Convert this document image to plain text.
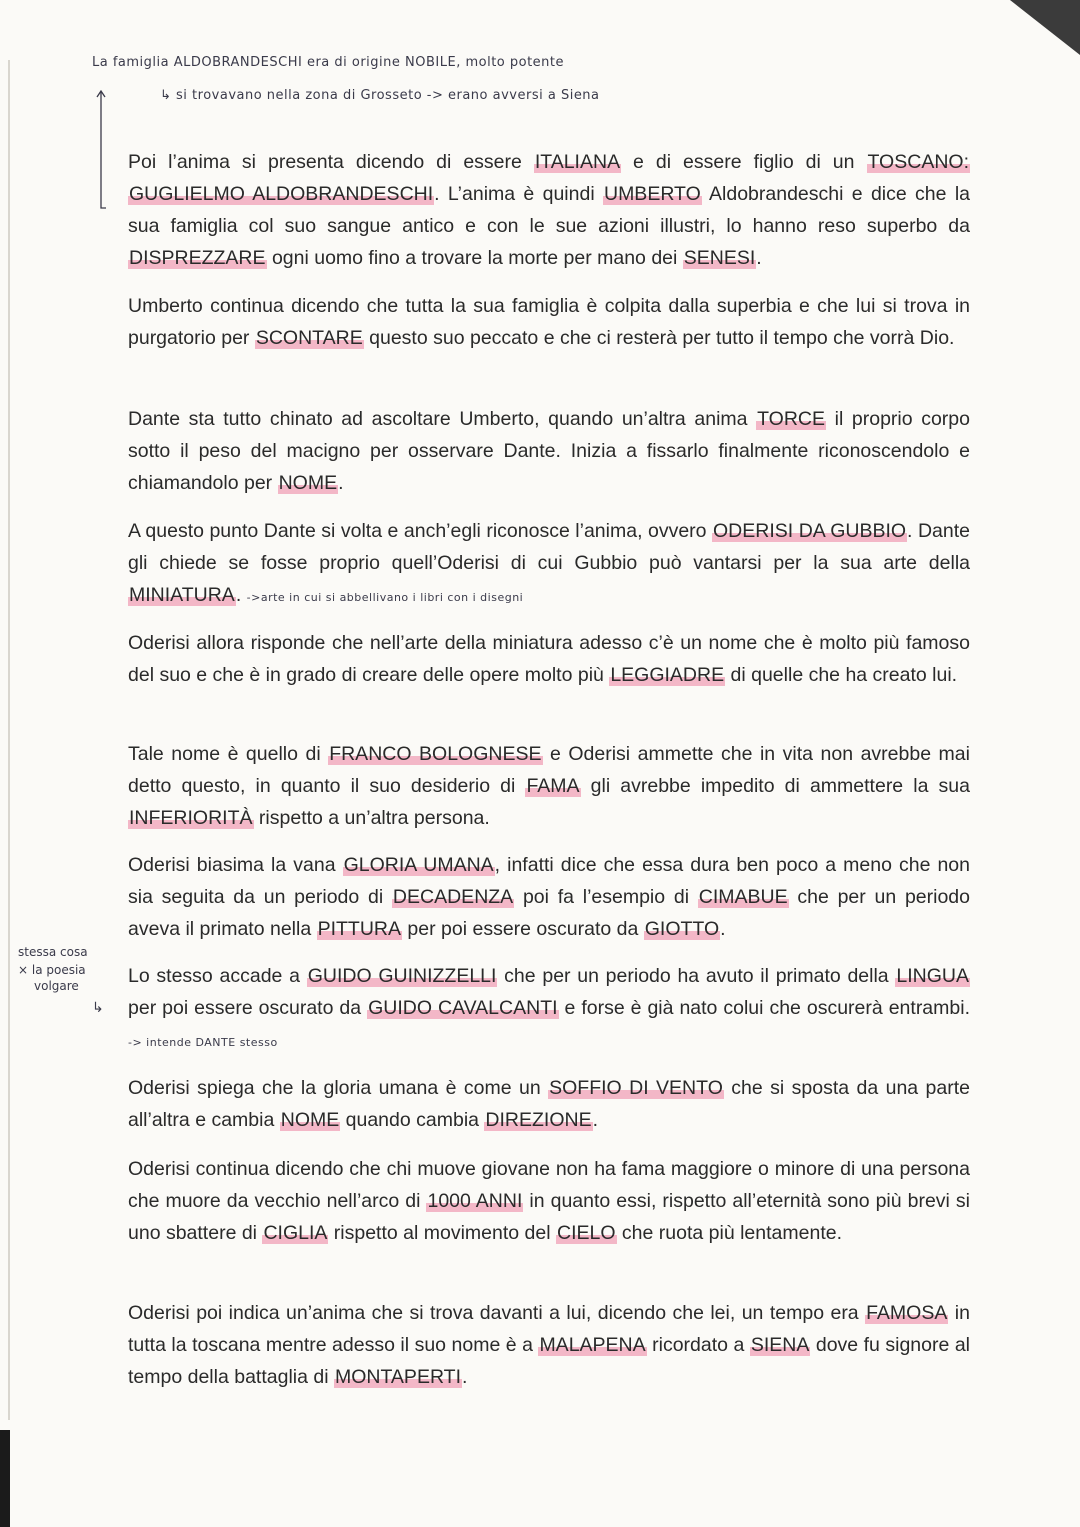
La famiglia ALDOBRANDESCHI era di origine NOBILE, molto potente
↳ si trovavano nella zona di Grosseto -> erano avversi a Siena

Poi l’anima si presenta dicendo di essere ITALIANA e di essere figlio di un TOSCANO: GUGLIELMO ALDOBRANDESCHI. L’anima è quindi UMBERTO Aldobrandeschi e dice che la sua famiglia col suo sangue antico e con le sue azioni illustri, lo hanno reso superbo da DISPREZZARE ogni uomo fino a trovare la morte per mano dei SENESI.

Umberto continua dicendo che tutta la sua famiglia è colpita dalla superbia e che lui si trova in purgatorio per SCONTARE questo suo peccato e che ci resterà per tutto il tempo che vorrà Dio.

Dante sta tutto chinato ad ascoltare Umberto, quando un’altra anima TORCE il proprio corpo sotto il peso del macigno per osservare Dante. Inizia a fissarlo finalmente riconoscendolo e chiamandolo per NOME.

A questo punto Dante si volta e anch’egli riconosce l’anima, ovvero ODERISI DA GUBBIO. Dante gli chiede se fosse proprio quell’Oderisi di cui Gubbio può vantarsi per la sua arte della MINIATURA. ->arte in cui si abbellivano i libri con i disegni

Oderisi allora risponde che nell’arte della miniatura adesso c’è un nome che è molto più famoso del suo e che è in grado di creare delle opere molto più LEGGIADRE di quelle che ha creato lui.

Tale nome è quello di FRANCO BOLOGNESE e Oderisi ammette che in vita non avrebbe mai detto questo, in quanto il suo desiderio di FAMA gli avrebbe impedito di ammettere la sua INFERIORITÀ rispetto a un’altra persona.

Oderisi biasima la vana GLORIA UMANA, infatti dice che essa dura ben poco a meno che non sia seguita da un periodo di DECADENZA poi fa l’esempio di CIMABUE che per un periodo aveva il primato nella PITTURA per poi essere oscurato da GIOTTO.

stessa cosa
× la poesia
volgare
↳

Lo stesso accade a GUIDO GUINIZZELLI che per un periodo ha avuto il primato della LINGUA per poi essere oscurato da GUIDO CAVALCANTI e forse è già nato colui che oscurerà entrambi. -> intende DANTE stesso

Oderisi spiega che la gloria umana è come un SOFFIO DI VENTO che si sposta da una parte all’altra e cambia NOME quando cambia DIREZIONE.

Oderisi continua dicendo che chi muove giovane non ha fama maggiore o minore di una persona che muore da vecchio nell’arco di 1000 ANNI in quanto essi, rispetto all’eternità sono più brevi si uno sbattere di CIGLIA rispetto al movimento del CIELO che ruota più lentamente.

Oderisi poi indica un’anima che si trova davanti a lui, dicendo che lei, un tempo era FAMOSA in tutta la toscana mentre adesso il suo nome è a MALAPENA ricordato a SIENA dove fu signore al tempo della battaglia di MONTAPERTI.
